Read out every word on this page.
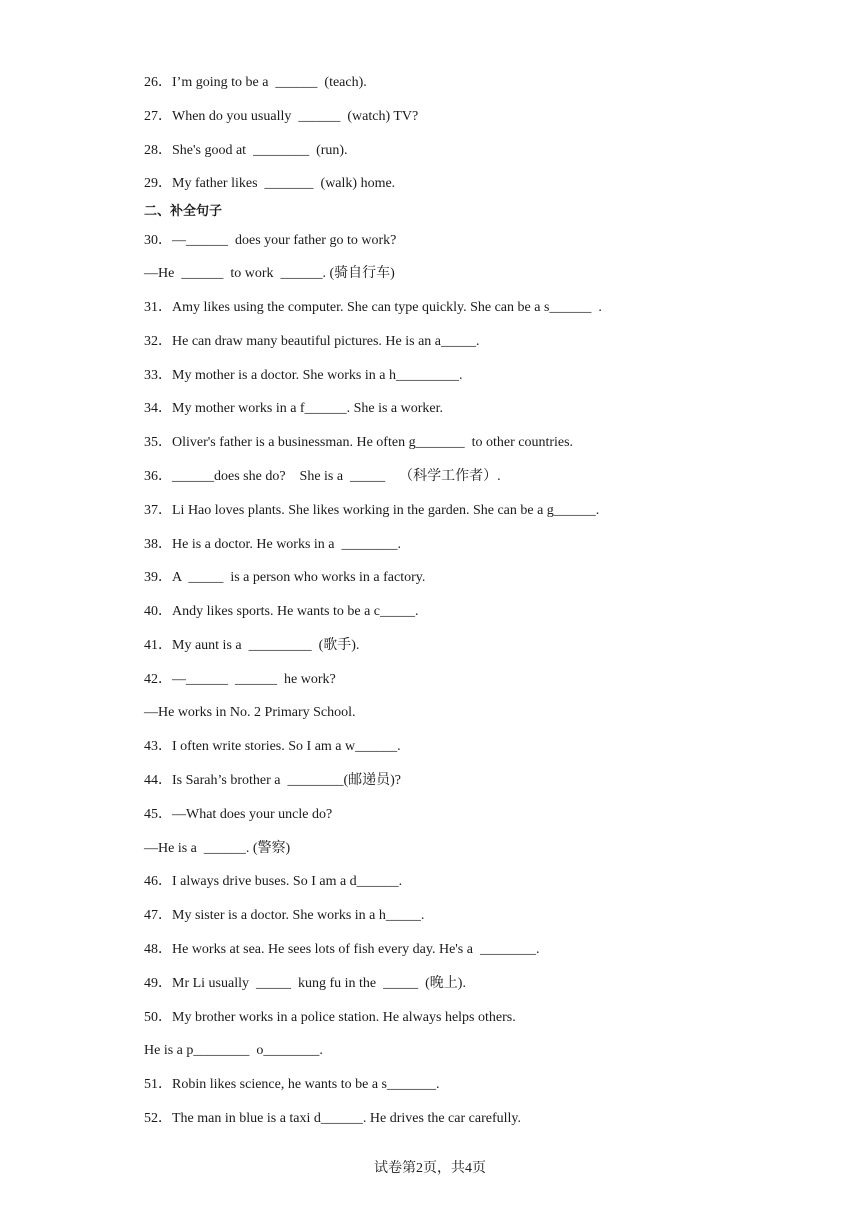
26．I’m going to be a  ______  (teach).
27．When do you usually  ______  (watch) TV?
28．She's good at  ________  (run).
29．My father likes  _______  (walk) home.
二、补全句子
30．—______  does your father go to work?
—He  ______  to work  ______. (骑自行车)
31．Amy likes using the computer. She can type quickly. She can be a s______  .
32．He can draw many beautiful pictures. He is an a_____.
33．My mother is a doctor. She works in a h_________.
34．My mother works in a f______. She is a worker.
35．Oliver's father is a businessman. He often g_______  to other countries.
36．______does she do?    She is a  _____    （科学工作者）.
37．Li Hao loves plants. She likes working in the garden. She can be a g______.
38．He is a doctor. He works in a  ________.
39．A  _____  is a person who works in a factory.
40．Andy likes sports. He wants to be a c_____.
41．My aunt is a  _________  (歌手).
42．—______  ______  he work?
—He works in No. 2 Primary School.
43．I often write stories. So I am a w______.
44．Is Sarah’s brother a  ________(邮递员)?
45．—What does your uncle do?
—He is a  ______. (警察)
46．I always drive buses. So I am a d______.
47．My sister is a doctor. She works in a h_____.
48．He works at sea. He sees lots of fish every day. He's a  ________.
49．Mr Li usually  _____  kung fu in the  _____  (晚上).
50．My brother works in a police station. He always helps others.
He is a p________  o________.
51．Robin likes science, he wants to be a s_______.
52．The man in blue is a taxi d______. He drives the car carefully.
试卷第2页，共4页
